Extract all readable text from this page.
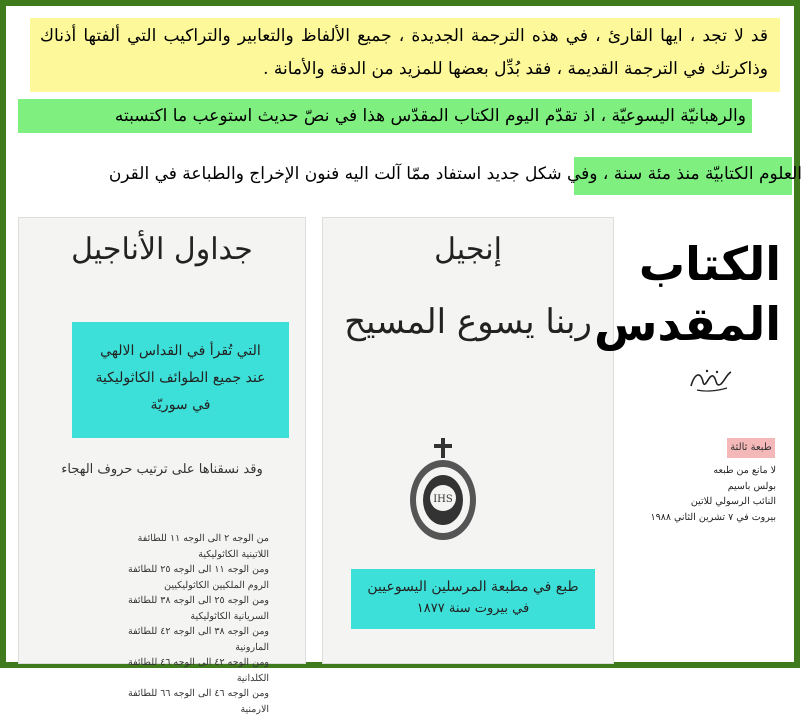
قد لا تجد ، ايها القارئ ، في هذه الترجمة الجديدة ، جميع الألفاظ والتعابير والتراكيب التي ألفتها أذناك وذاكرتك في الترجمة القديمة ، فقد بُدِّل بعضها للمزيد من الدقة والأمانة .
والرهبانيّة اليسوعيّة ، اذ تقدّم اليوم الكتاب المقدّس هذا في نصّ حديث استوعب ما اكتسبته
العلوم الكتابيّة منذ مئة سنة ، وفي شكل جديد استفاد ممّا آلت اليه فنون الإخراج والطباعة في القرن
جداول الأناجيل
التي تُقرأ في القداس الالهي
عند جميع الطوائف الكاثوليكية
في سوريّة
وقد نسقناها على ترتيب حروف الهجاء
من الوجه ٢ الى الوجه ١١ للطائفة اللاتينية الكاثوليكية
ومن الوجه ١١ الى الوجه ٢٥ للطائفة الروم الملكيين الكاثوليكيين
ومن الوجه ٢٥ الى الوجه ٣٨ للطائفة السريانية الكاثوليكية
ومن الوجه ٣٨ الى الوجه ٤٢ للطائفة المارونية
ومن الوجه ٤٢ الى الوجه ٤٦ للطائفة الكلدانية
ومن الوجه ٤٦ الى الوجه ٦٦ للطائفة الارمنية
إنجيل
ربنا يسوع المسيح
IHS
طبع في مطبعة المرسلين اليسوعيين
في بيروت سنة ١٨٧٧
الكتاب
المقدس
طبعة ثالثة
لا مانع من طبعه
بولس باسيم
النائب الرسولي للاتين
بيروت في ٧ تشرين الثاني ١٩٨٨
